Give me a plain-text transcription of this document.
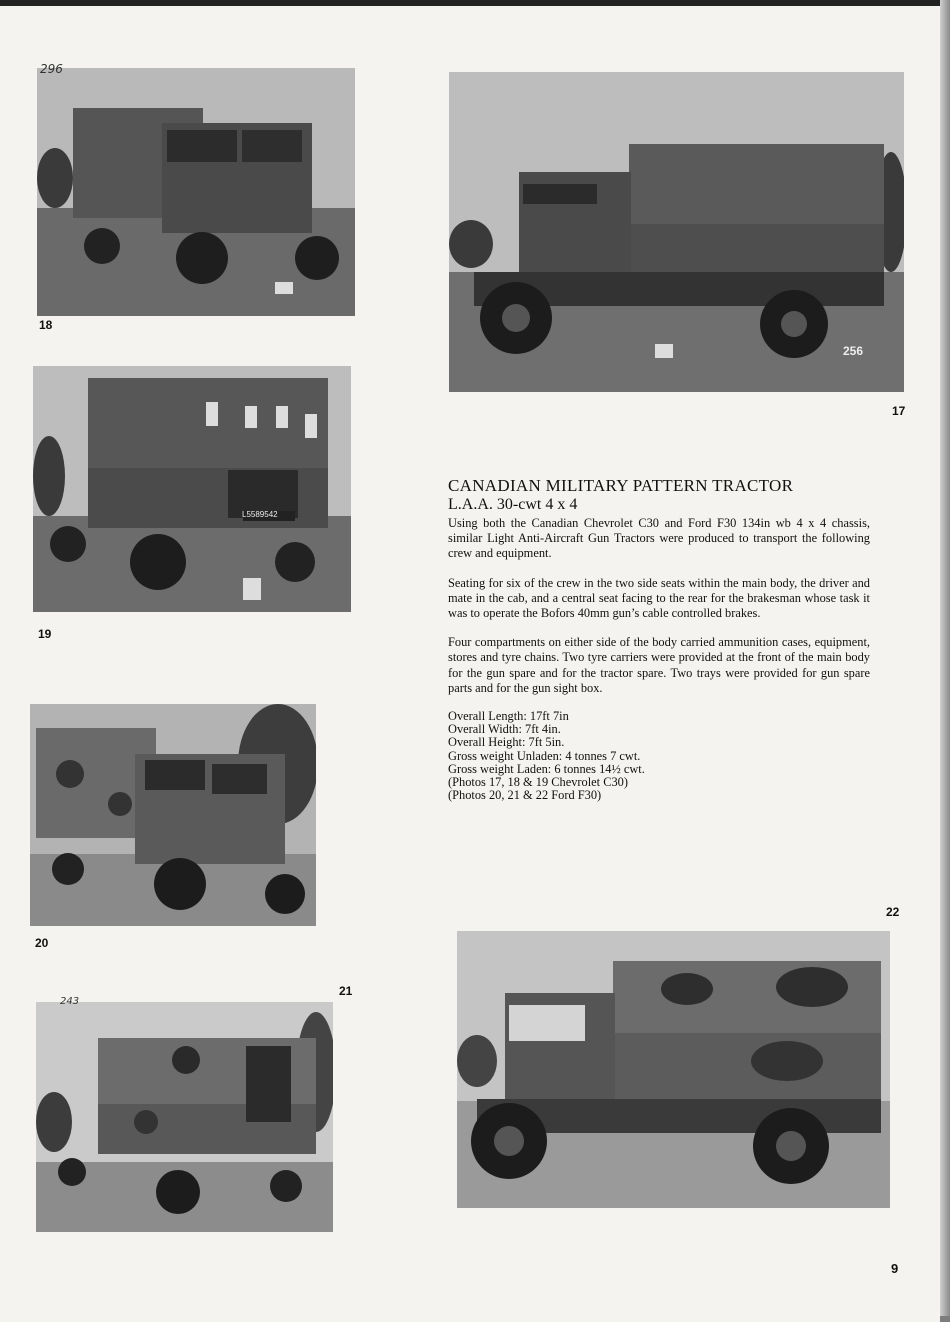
296
18
256
17
L5589542
19
20
21
243
22
CANADIAN MILITARY PATTERN TRACTOR
L.A.A. 30-cwt 4 x 4

Using both the Canadian Chevrolet C30 and Ford F30 134in wb 4 x 4 chassis, similar Light Anti-Aircraft Gun Tractors were produced to transport the following crew and equipment.

Seating for six of the crew in the two side seats within the main body, the driver and mate in the cab, and a central seat facing to the rear for the brakesman whose task it was to operate the Bofors 40mm gun’s cable controlled brakes.

Four compartments on either side of the body carried ammunition cases, equipment, stores and tyre chains. Two tyre carriers were provided at the front of the main body for the gun spare and for the tractor spare. Two trays were provided for gun spare parts and for the gun sight box.

Overall Length: 17ft 7in
Overall Width: 7ft 4in.
Overall Height: 7ft 5in.
Gross weight Unladen: 4 tonnes 7 cwt.
Gross weight Laden: 6 tonnes 14½ cwt.
(Photos 17, 18 & 19 Chevrolet C30)
(Photos 20, 21 & 22 Ford F30)
9
